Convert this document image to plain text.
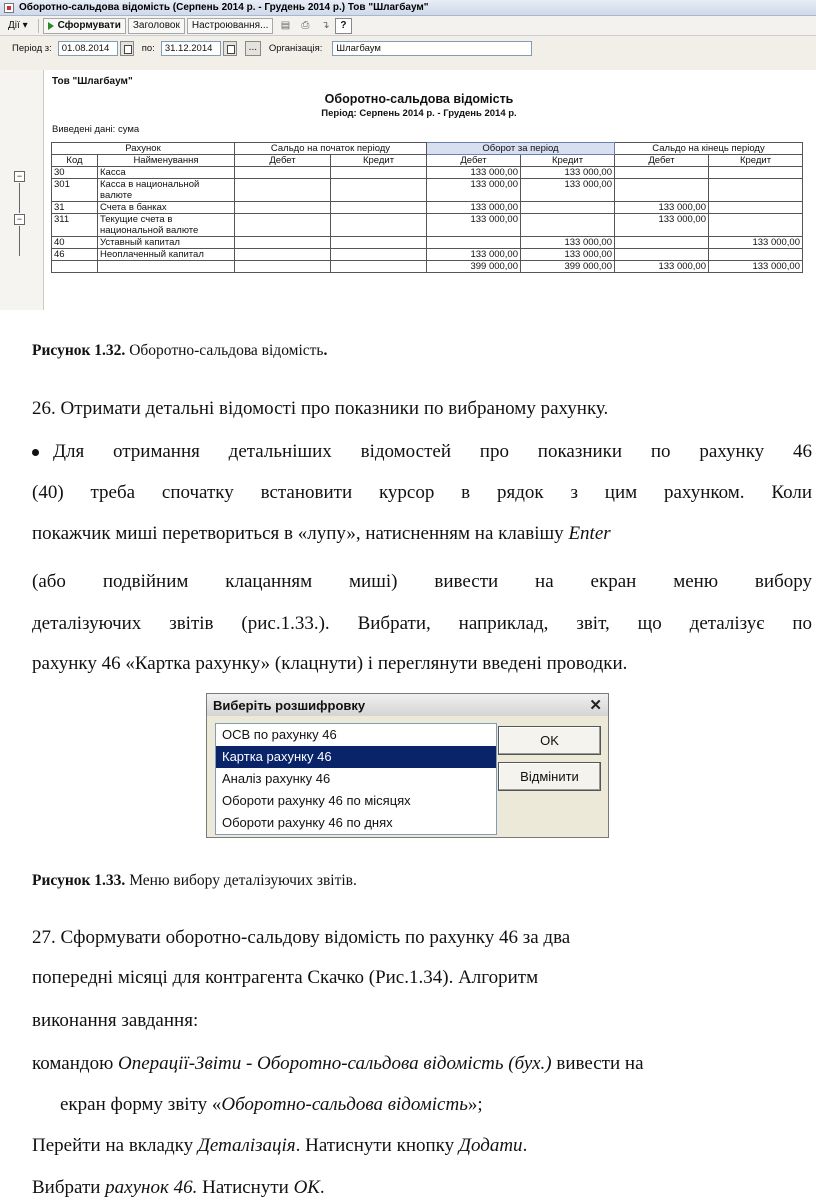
Оборотно-сальдова відомість (Серпень 2014 р. - Грудень 2014 р.) Тов "Шлагбаум"
Дії
▾	Сформувати	Заголовок	Настроювання...	▤	⎙	↴	?
Період з:	01.08.2014	по:	31.12.2014	...	Організація:	Шлагбаум
−
−
Тов "Шлагбаум"
Оборотно-сальдова відомість
Період: Серпень 2014 р. - Грудень 2014 р.
Виведені дані: сума
Рахунок		Сальдо на початок періоду		Оборот за період		Сальдо на кінець періоду	
Код	Найменування	Дебет	Кредит	Дебет	Кредит	Дебет	Кредит
30	Касса			133 000,00	133 000,00		
301	Касса в национальной валюте			133 000,00	133 000,00		
31	Счета в банках			133 000,00		133 000,00	
311	Текущие счета в национальной валюте			133 000,00		133 000,00	
40	Уставный капитал				133 000,00		133 000,00
46	Неоплаченный капитал			133 000,00	133 000,00		
				399 000,00	399 000,00	133 000,00	133 000,00
Рисунок 1.32. Оборотно-сальдова відомість.
26. Отримати детальні відомості про показники по вибраному рахунку.
Для отримання детальніших відомостей про показники по рахунку 46
(40) треба спочатку встановити курсор в рядок з цим рахунком. Коли
покажчик миші перетвориться в «лупу», натисненням на клавішу Enter
(або подвійним клацанням миші) вивести на екран меню вибору
деталізуючих звітів (рис.1.33.). Вибрати, наприклад, звіт, що деталізує по
рахунку 46 «Картка рахунку» (клацнути) і переглянути введені проводки.
Виберіть розшифровку	✕
ОСВ по рахунку 46
Картка рахунку 46
Аналіз рахунку 46
Обороти рахунку 46 по місяцях
Обороти рахунку 46 по днях
OK
Відмінити
Рисунок 1.33. Меню вибору деталізуючих звітів.
27. Сформувати оборотно-сальдову відомість по рахунку 46 за два
попередні місяці для контрагента Скачко (Рис.1.34). Алгоритм
виконання завдання:
командою Операції-Звіти - Оборотно-сальдова відомість (бух.) вивести на
екран форму звіту «Оборотно-сальдова відомість»;
Перейти на вкладку Деталізація. Натиснути кнопку Додати.
Вибрати рахунок 46. Натиснути ОК.
